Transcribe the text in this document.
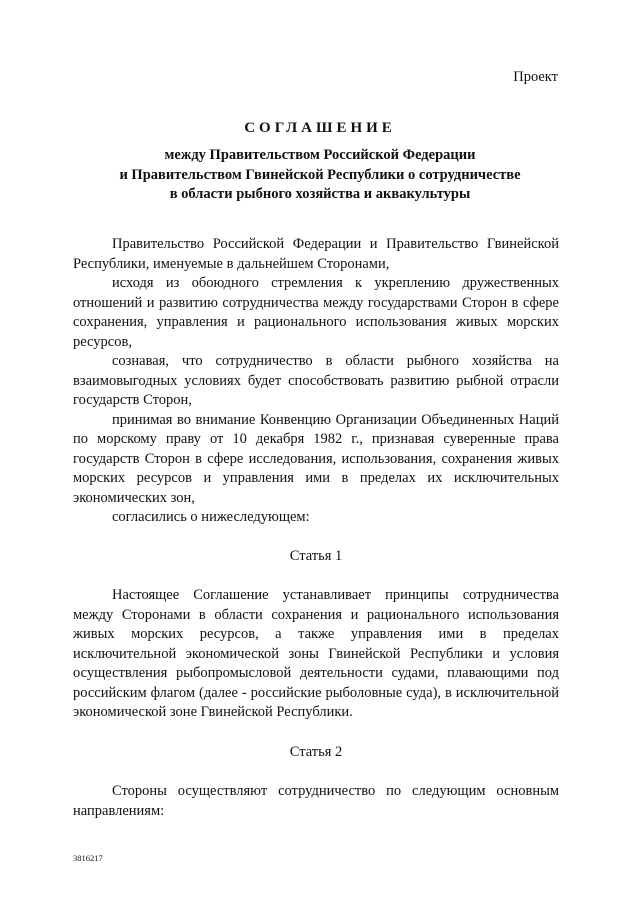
Проект
СОГЛАШЕНИЕ
между Правительством Российской Федерации
и Правительством Гвинейской Республики о сотрудничестве
в области рыбного хозяйства и аквакультуры

Правительство Российской Федерации и Правительство Гвинейской Республики, именуемые в дальнейшем Сторонами,

исходя из обоюдного стремления к укреплению дружественных отношений и развитию сотрудничества между государствами Сторон в сфере сохранения, управления и рационального использования живых морских ресурсов,

сознавая, что сотрудничество в области рыбного хозяйства на взаимовыгодных условиях будет способствовать развитию рыбной отрасли государств Сторон,

принимая во внимание Конвенцию Организации Объединенных Наций по морскому праву от 10 декабря 1982 г., признавая суверенные права государств Сторон в сфере исследования, использования, сохранения живых морских ресурсов и управления ими в пределах их исключительных экономических зон,

согласились о нижеследующем:

Статья 1

Настоящее Соглашение устанавливает принципы сотрудничества между Сторонами в области сохранения и рационального использования живых морских ресурсов, а также управления ими в пределах исключительной экономической зоны Гвинейской Республики и условия осуществления рыбопромысловой деятельности судами, плавающими под российским флагом (далее - российские рыболовные суда), в исключительной экономической зоне Гвинейской Республики.

Статья 2

Стороны осуществляют сотрудничество по следующим основным направлениям:

3816217
